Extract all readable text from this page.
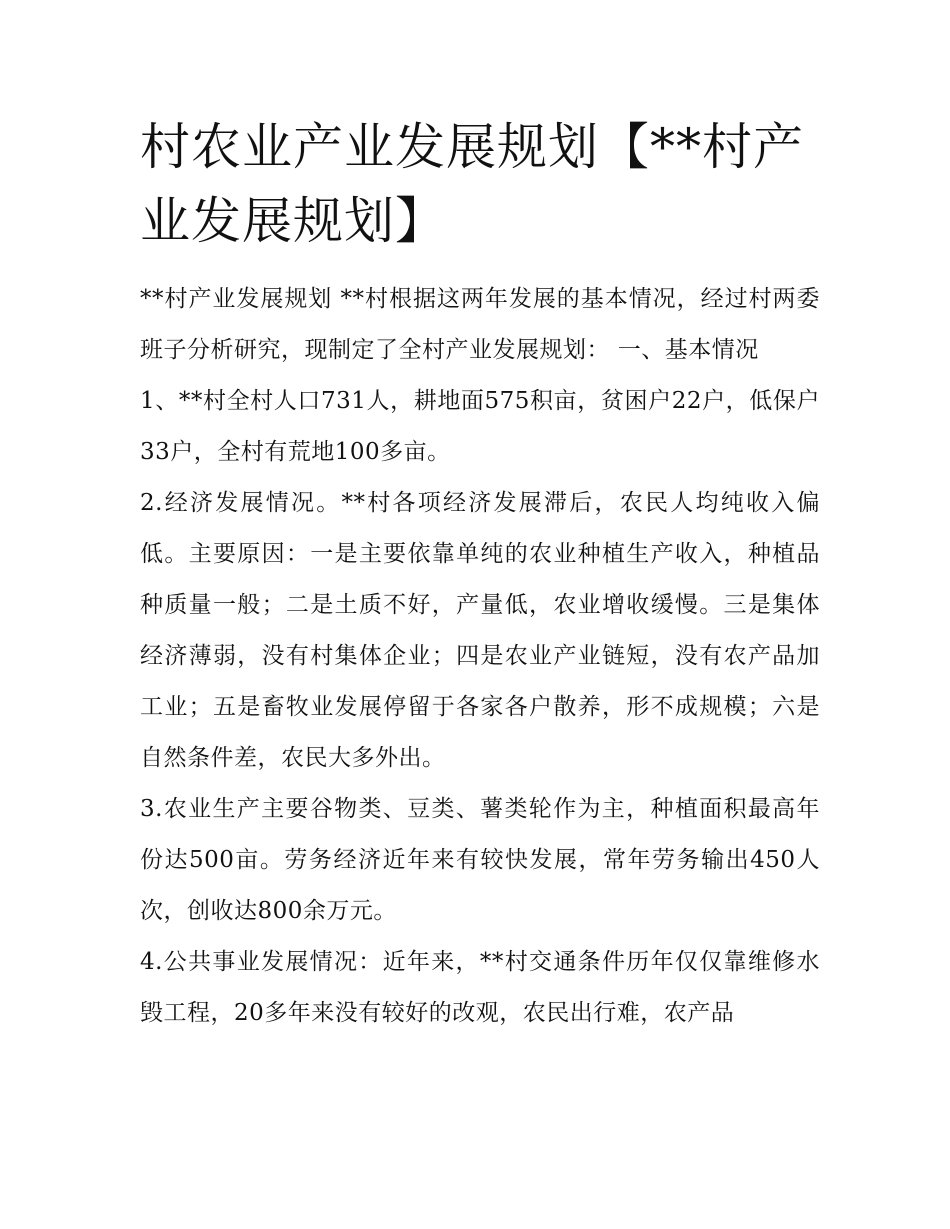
村农业产业发展规划【**村产业发展规划】

**村产业发展规划 **村根据这两年发展的基本情况，经过村两委班子分析研究，现制定了全村产业发展规划： 一、基本情况

1、**村全村人口731人，耕地面575积亩，贫困户22户，低保户33户，全村有荒地100多亩。

2.经济发展情况。**村各项经济发展滞后，农民人均纯收入偏低。主要原因：一是主要依靠单纯的农业种植生产收入，种植品种质量一般；二是土质不好，产量低，农业增收缓慢。三是集体经济薄弱，没有村集体企业；四是农业产业链短，没有农产品加工业；五是畜牧业发展停留于各家各户散养，形不成规模；六是自然条件差，农民大多外出。

3.农业生产主要谷物类、豆类、薯类轮作为主，种植面积最高年份达500亩。劳务经济近年来有较快发展，常年劳务输出450人次，创收达800余万元。

4.公共事业发展情况：近年来，**村交通条件历年仅仅靠维修水毁工程，20多年来没有较好的改观，农民出行难，农产品
